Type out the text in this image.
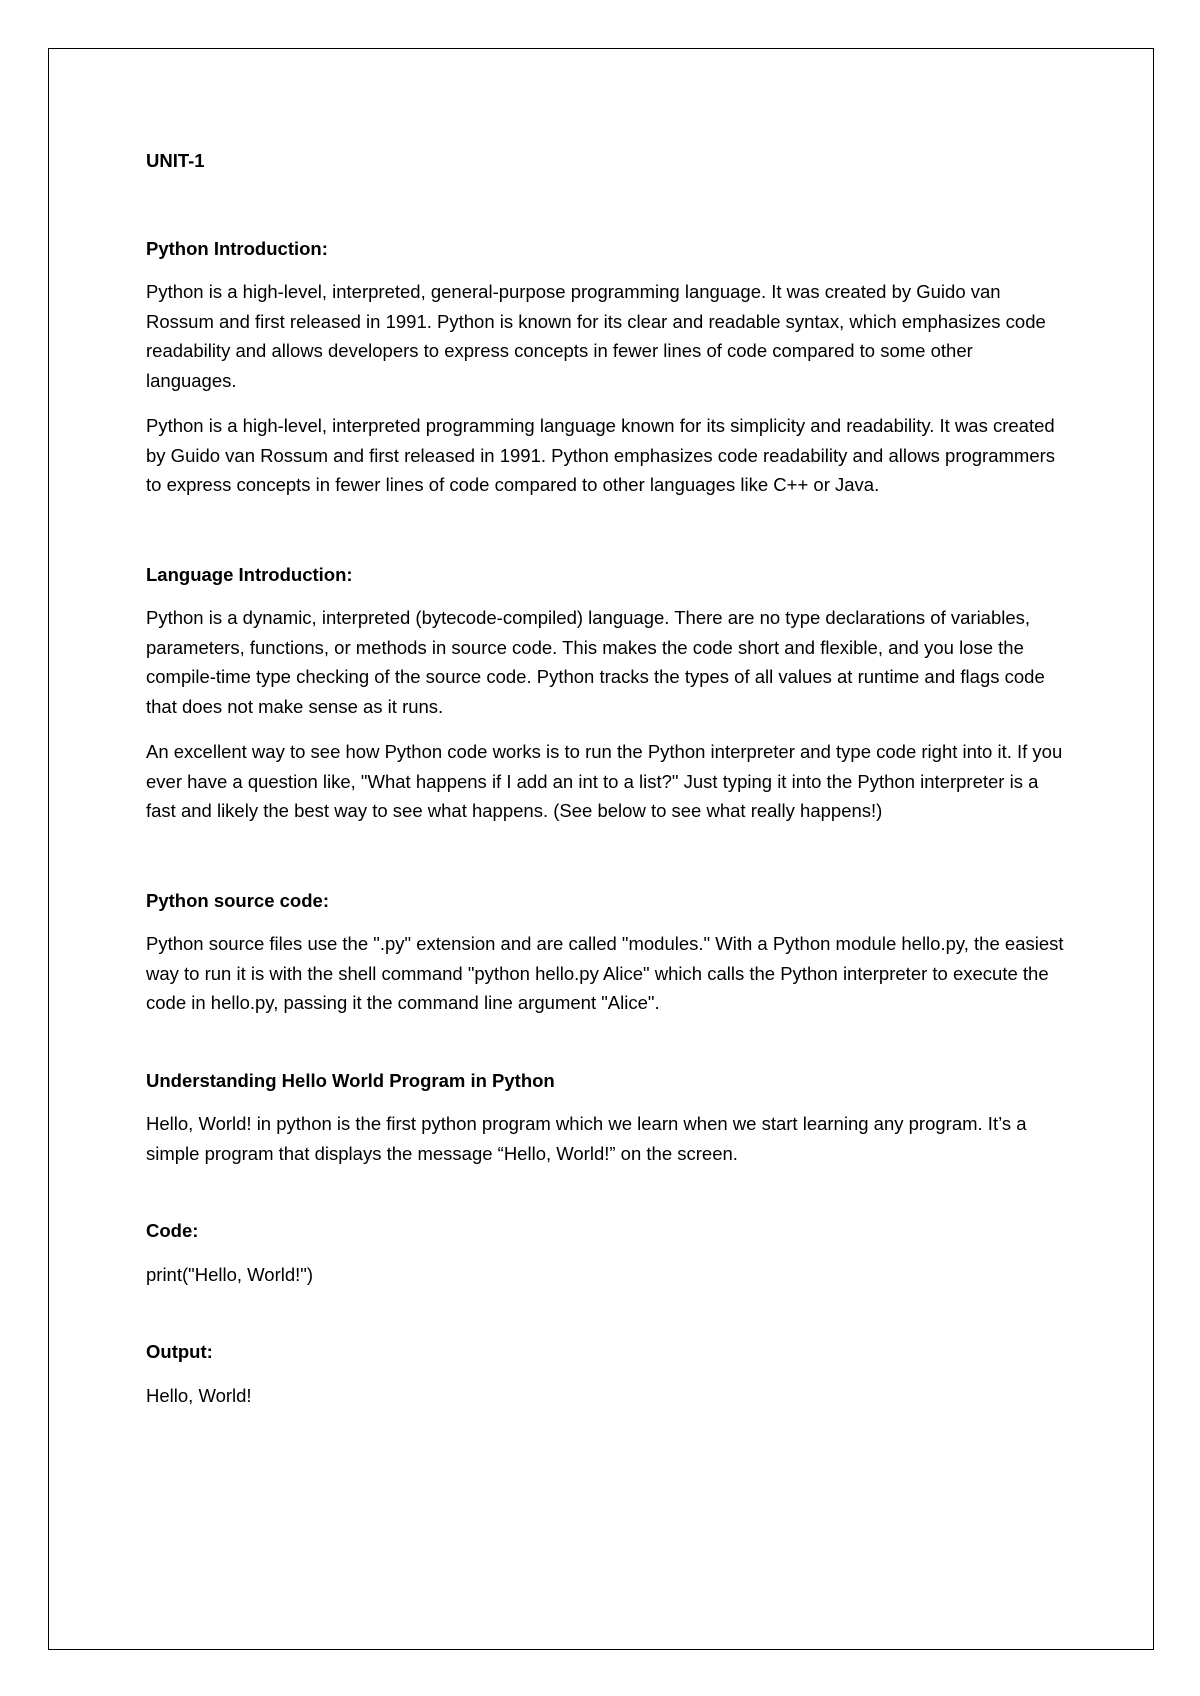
UNIT-1
Python Introduction:

Python is a high-level, interpreted, general-purpose programming language. It was created by Guido van Rossum and first released in 1991. Python is known for its clear and readable syntax, which emphasizes code readability and allows developers to express concepts in fewer lines of code compared to some other languages.

Python is a high-level, interpreted programming language known for its simplicity and readability. It was created by Guido van Rossum and first released in 1991. Python emphasizes code readability and allows programmers to express concepts in fewer lines of code compared to other languages like C++ or Java.

Language Introduction:

Python is a dynamic, interpreted (bytecode-compiled) language. There are no type declarations of variables, parameters, functions, or methods in source code. This makes the code short and flexible, and you lose the compile-time type checking of the source code. Python tracks the types of all values at runtime and flags code that does not make sense as it runs.

An excellent way to see how Python code works is to run the Python interpreter and type code right into it. If you ever have a question like, "What happens if I add an int to a list?" Just typing it into the Python interpreter is a fast and likely the best way to see what happens. (See below to see what really happens!)

Python source code:

Python source files use the ".py" extension and are called "modules." With a Python module hello.py, the easiest way to run it is with the shell command "python hello.py Alice" which calls the Python interpreter to execute the code in hello.py, passing it the command line argument "Alice".

Understanding Hello World Program in Python

Hello, World! in python is the first python program which we learn when we start learning any program. It’s a simple program that displays the message “Hello, World!” on the screen.

Code:

print("Hello, World!")

Output:

Hello, World!
